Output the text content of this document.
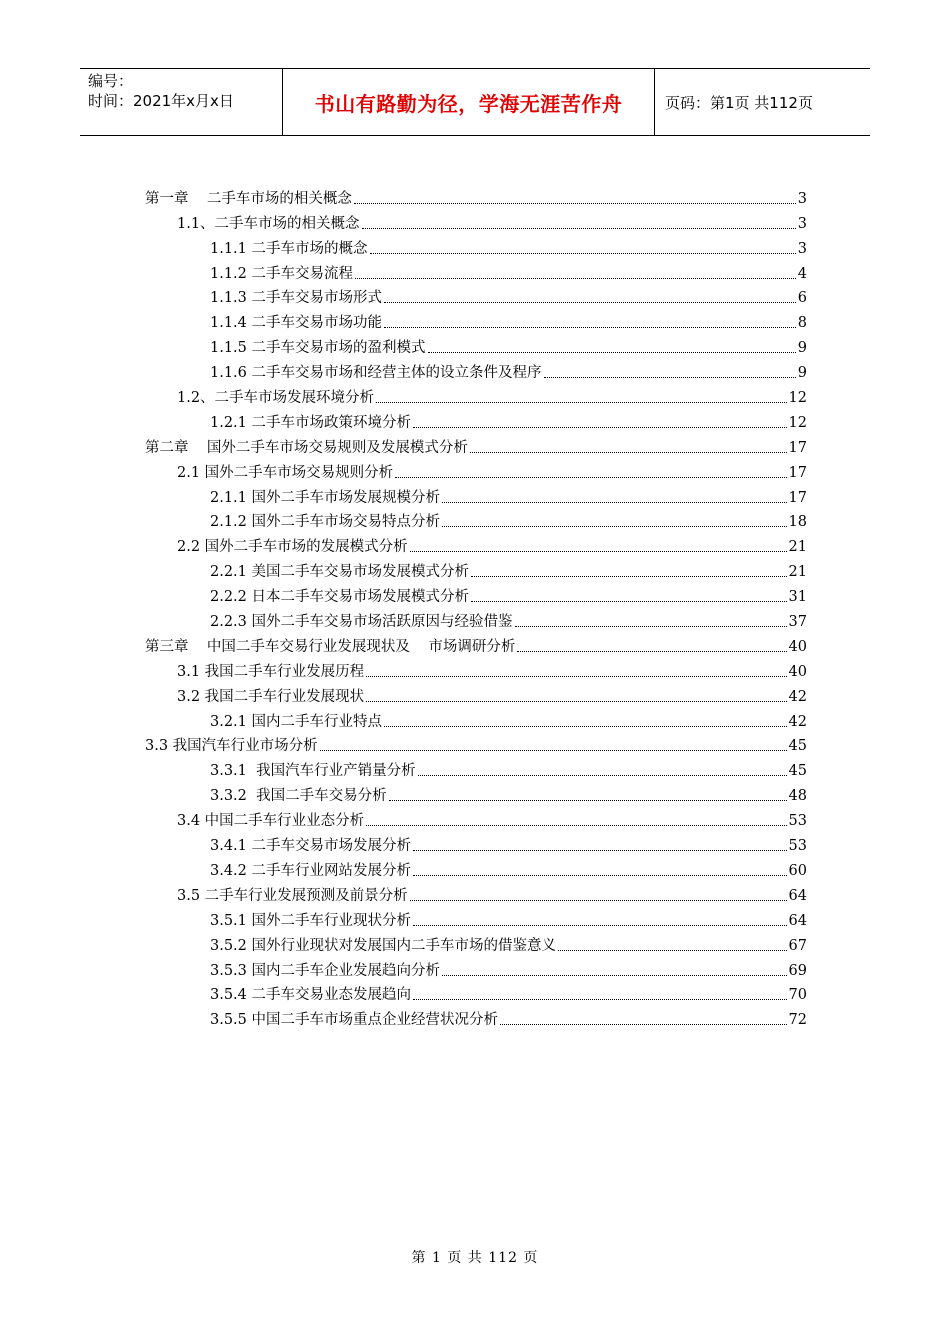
编号：
时间：2021年x月x日	书山有路勤为径，学海无涯苦作舟	页码：第1页 共112页
第一章    二手车市场的相关概念	3
1.1、二手车市场的相关概念	3
1.1.1 二手车市场的概念	3
1.1.2 二手车交易流程	4
1.1.3 二手车交易市场形式	6
1.1.4 二手车交易市场功能	8
1.1.5 二手车交易市场的盈利模式	9
1.1.6 二手车交易市场和经营主体的设立条件及程序	9
1.2、二手车市场发展环境分析	12
1.2.1 二手车市场政策环境分析	12
第二章    国外二手车市场交易规则及发展模式分析	17
2.1 国外二手车市场交易规则分析	17
2.1.1 国外二手车市场发展规模分析	17
2.1.2 国外二手车市场交易特点分析	18
2.2 国外二手车市场的发展模式分析	21
2.2.1 美国二手车交易市场发展模式分析	21
2.2.2 日本二手车交易市场发展模式分析	31
2.2.3 国外二手车交易市场活跃原因与经验借鉴	37
第三章    中国二手车交易行业发展现状及    市场调研分析	40
3.1 我国二手车行业发展历程	40
3.2 我国二手车行业发展现状	42
3.2.1 国内二手车行业特点	42
3.3 我国汽车行业市场分析	45
3.3.1  我国汽车行业产销量分析	45
3.3.2  我国二手车交易分析	48
3.4 中国二手车行业业态分析	53
3.4.1 二手车交易市场发展分析	53
3.4.2 二手车行业网站发展分析	60
3.5 二手车行业发展预测及前景分析	64
3.5.1 国外二手车行业现状分析	64
3.5.2 国外行业现状对发展国内二手车市场的借鉴意义	67
3.5.3 国内二手车企业发展趋向分析	69
3.5.4 二手车交易业态发展趋向	70
3.5.5 中国二手车市场重点企业经营状况分析	72
第 1 页 共 112 页
